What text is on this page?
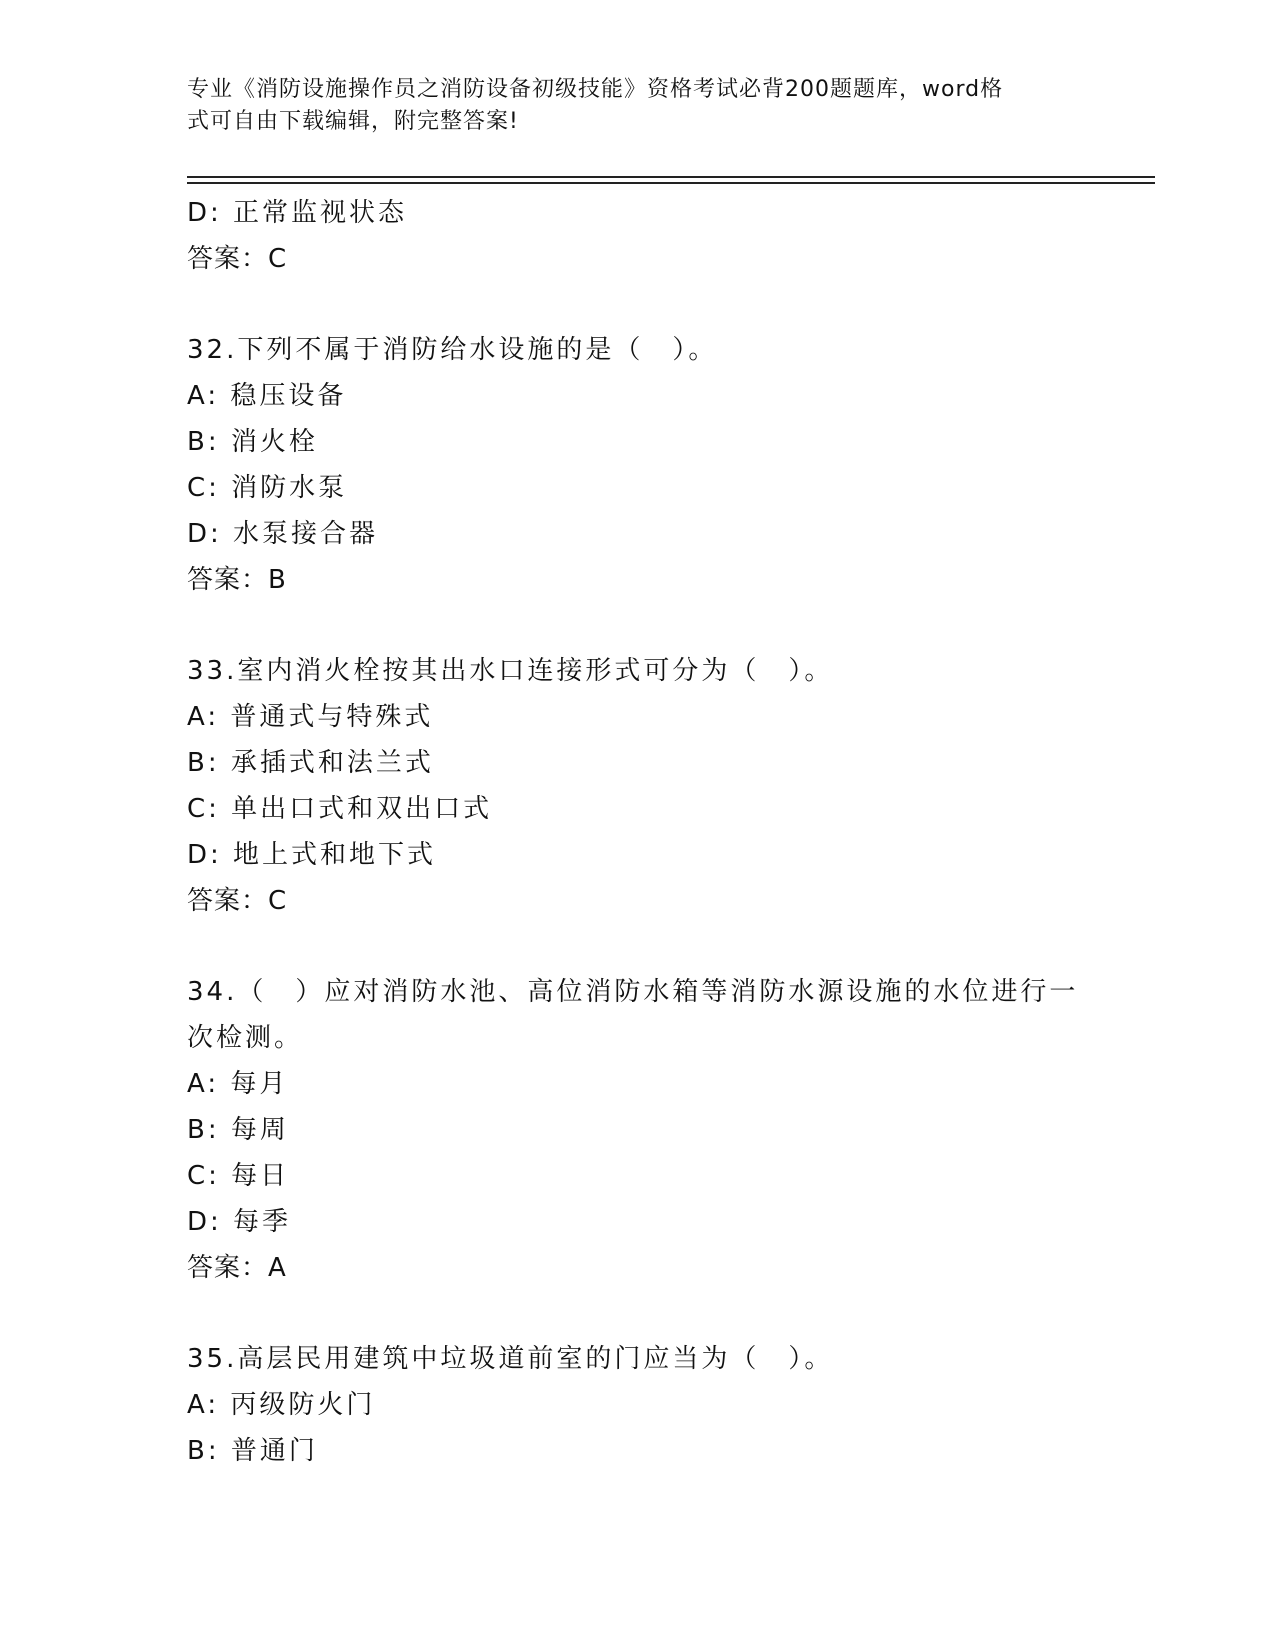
专业《消防设施操作员之消防设备初级技能》资格考试必背200题题库，word格
式可自由下载编辑，附完整答案!
D: 正常监视状态
答案：C
32.下列不属于消防给水设施的是（　）。
A: 稳压设备
B: 消火栓
C: 消防水泵
D: 水泵接合器
答案：B
33.室内消火栓按其出水口连接形式可分为（　）。
A: 普通式与特殊式
B: 承插式和法兰式
C: 单出口式和双出口式
D: 地上式和地下式
答案：C
34.（　）应对消防水池、高位消防水箱等消防水源设施的水位进行一
次检测。
A: 每月
B: 每周
C: 每日
D: 每季
答案：A
35.高层民用建筑中垃圾道前室的门应当为（　）。
A: 丙级防火门
B: 普通门
